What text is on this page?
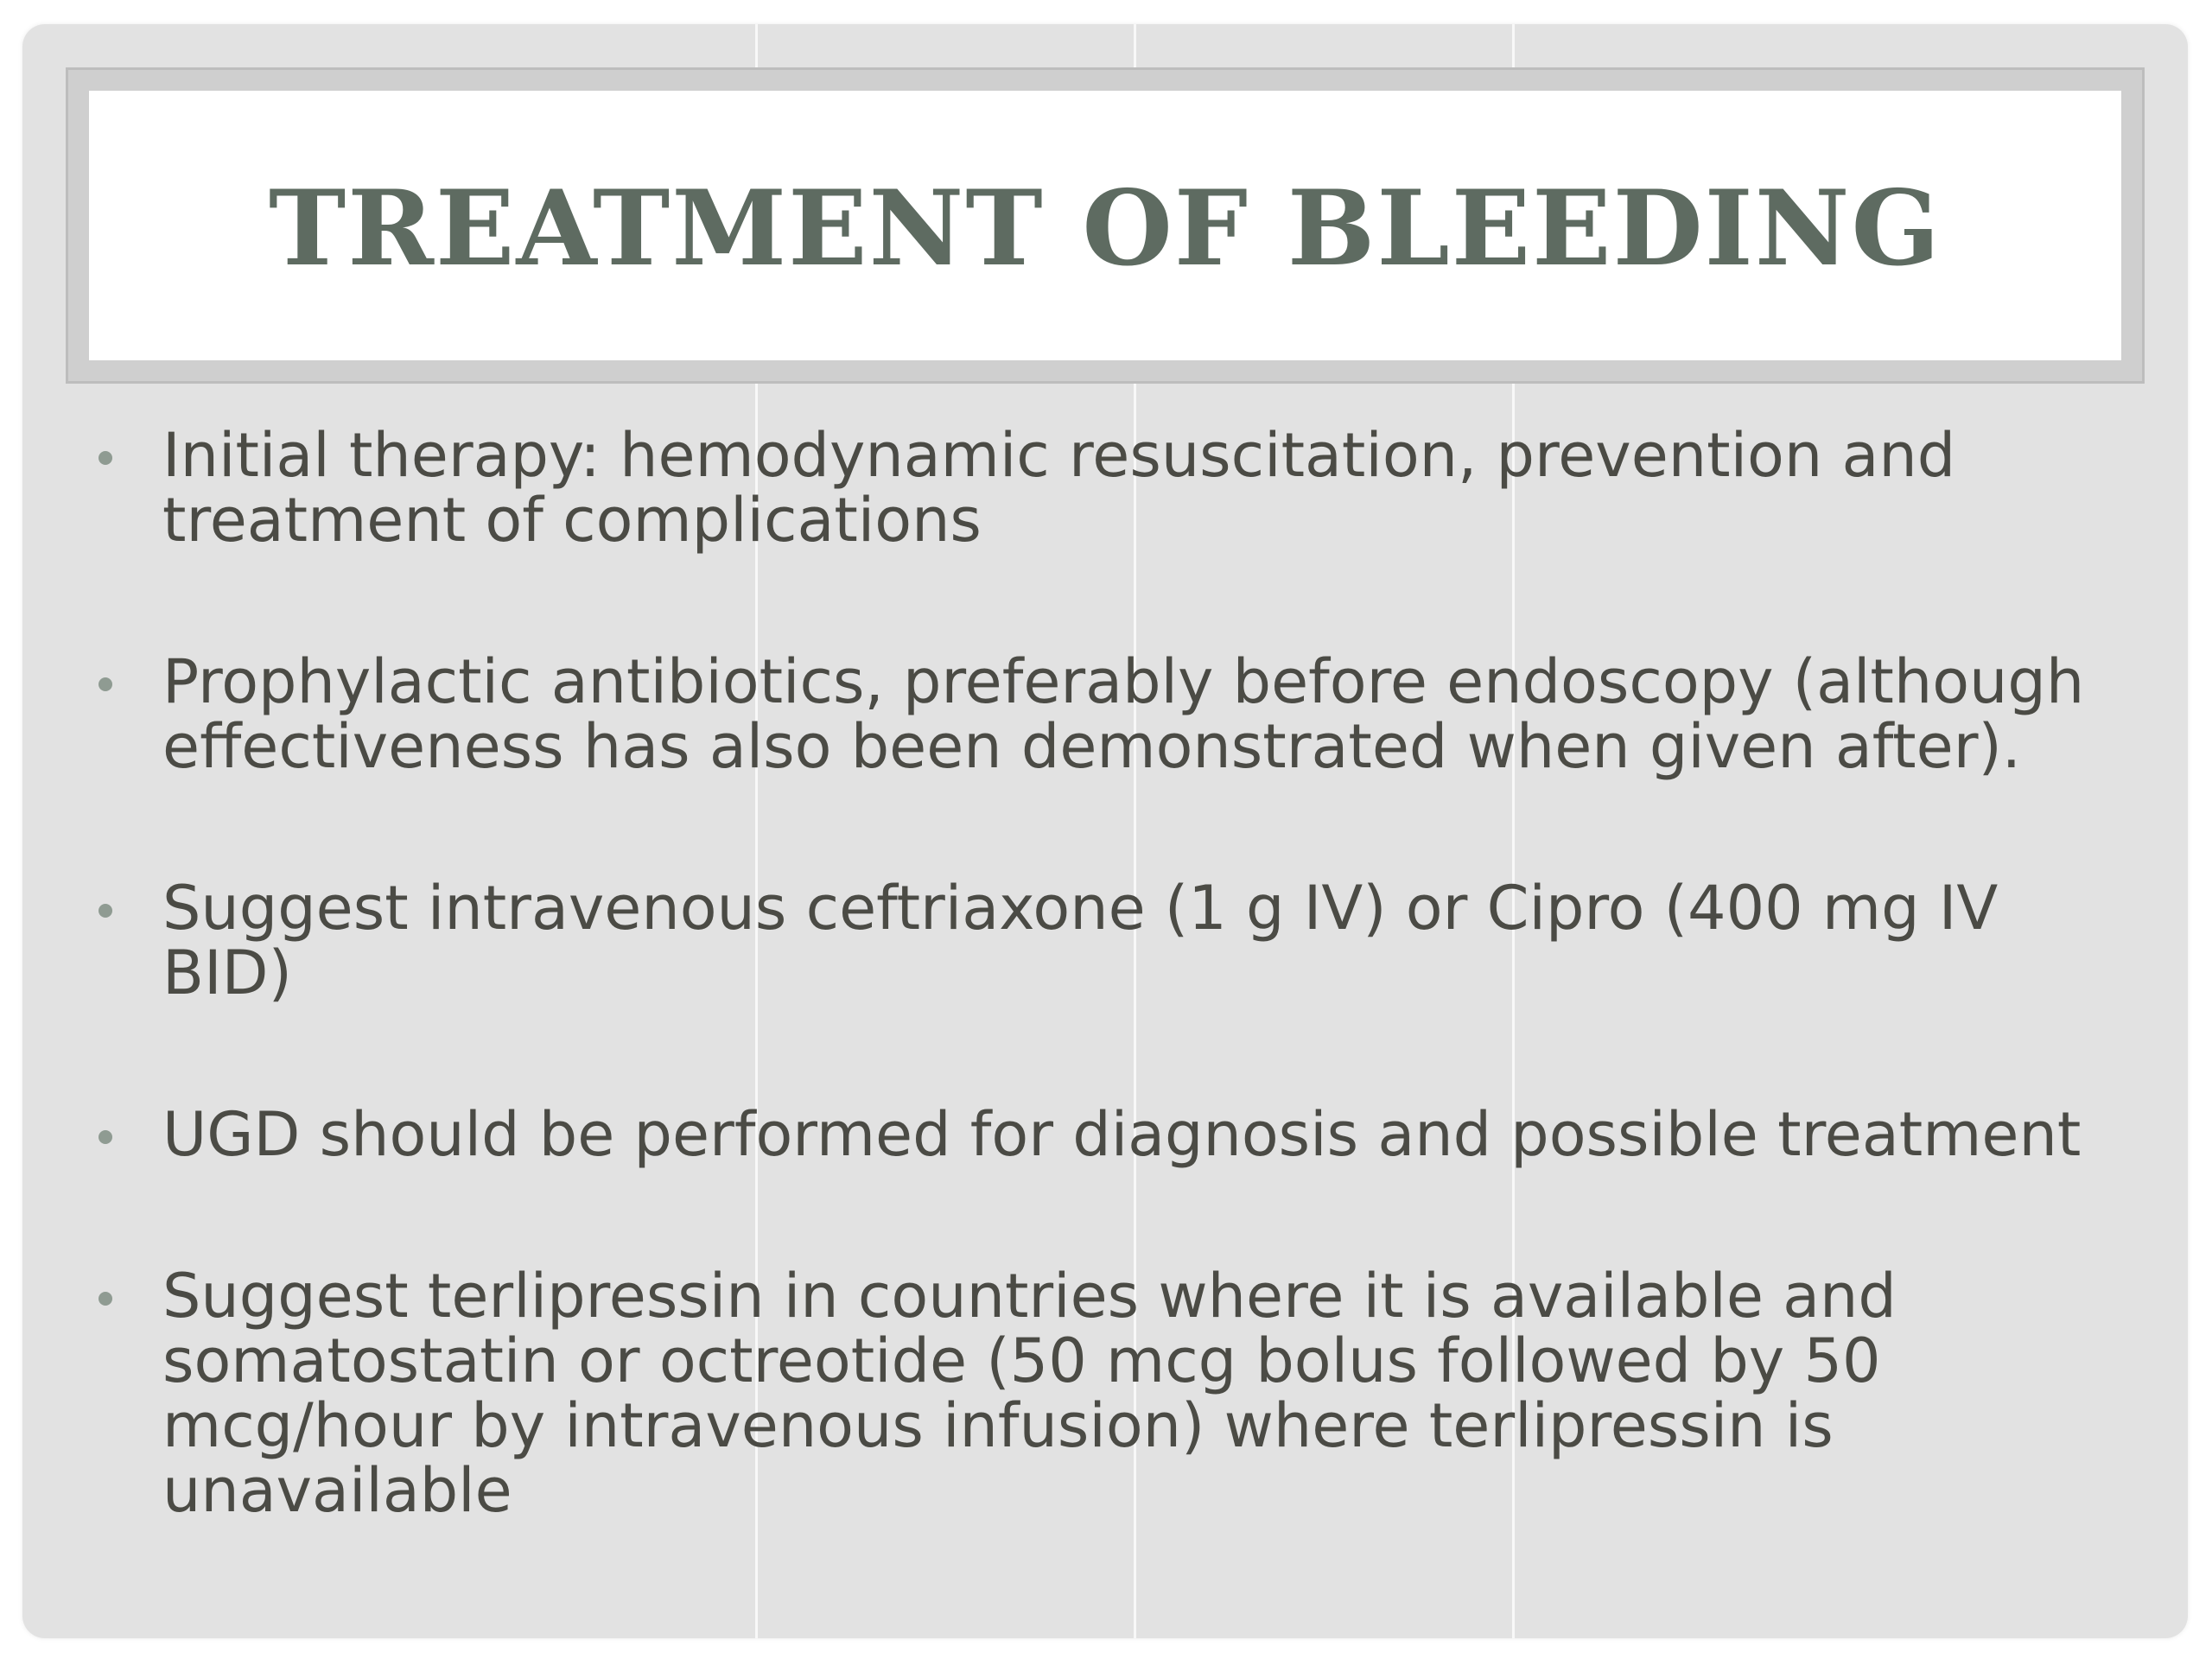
TREATMENT OF BLEEDING
Initial therapy: hemodynamic resuscitation, prevention and treatment of complications
Prophylactic antibiotics, preferably before endoscopy (although effectiveness has also been demonstrated when given after).
Suggest intravenous ceftriaxone (1 g IV) or Cipro (400 mg IV BID)
UGD should be performed for diagnosis and possible treatment
Suggest terlipressin in countries where it is available and somatostatin or octreotide (50 mcg bolus followed by 50 mcg/hour by intravenous infusion) where terlipressin is unavailable
